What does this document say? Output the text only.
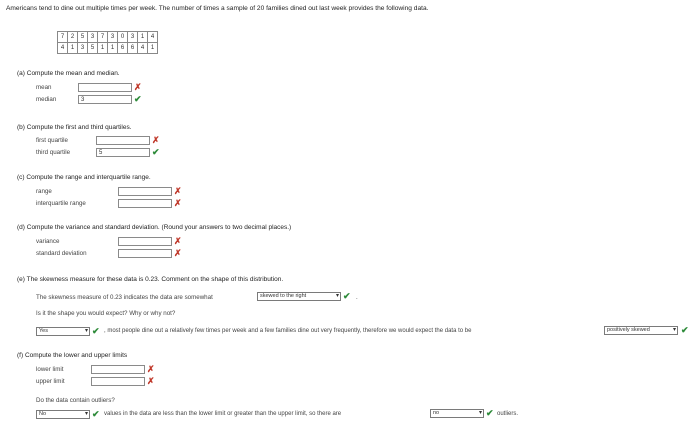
Americans tend to dine out multiple times per week. The number of times a sample of 20 families dined out last week provides the following data.
7	2	5	3	7	3	0	3	1	4
4	1	3	5	1	1	6	6	4	1
(a) Compute the mean and median.
mean	✗
median	3	✔
(b) Compute the first and third quartiles.
first quartile	✗
third quartile	5	✔
(c) Compute the range and interquartile range.
range	✗
interquartile range	✗
(d) Compute the variance and standard deviation. (Round your answers to two decimal places.)
variance	✗
standard deviation	✗
(e) The skewness measure for these data is 0.23. Comment on the shape of this distribution.
The skewness measure of 0.23 indicates the data are somewhat	skewed to the right	▾ ✔ .
Is it the shape you would expect? Why or why not?
Yes	▾ ✔ , most people dine out a relatively few times per week and a few families dine out very frequently, therefore we would expect the data to be	positively skewed	▾ ✔
(f) Compute the lower and upper limits
lower limit	✗
upper limit	✗
Do the data contain outliers?
No	▾ ✔ values in the data are less than the lower limit or greater than the upper limit, so there are	no	▾ ✔ outliers.
